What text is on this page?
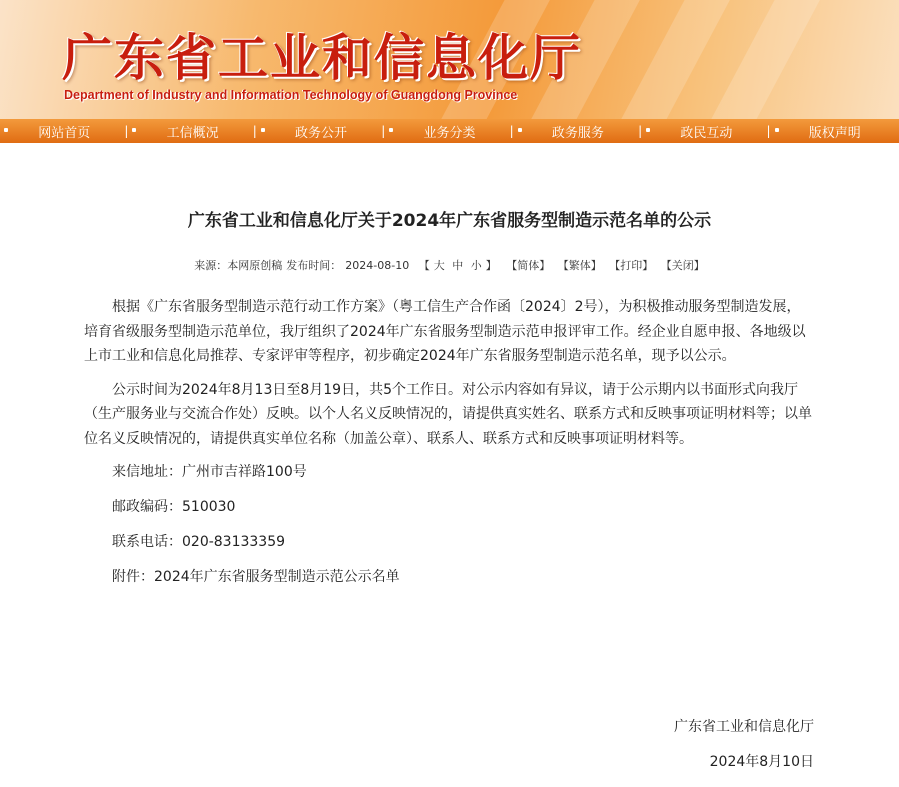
广东省工业和信息化厅
Department of Industry and Information Technology of Guangdong Province
网站首页	|	工信概况	|	政务公开	|	业务分类	|	政务服务	|	政民互动	|	版权声明
广东省工业和信息化厅关于2024年广东省服务型制造示范名单的公示
来源：本网原创稿 发布时间： 2024-08-10 【 大 中 小 】 【简体】 【繁体】 【打印】 【关闭】

根据《广东省服务型制造示范行动工作方案》（粤工信生产合作函〔2024〕2号），为积极推动服务型制造发展，培育省级服务型制造示范单位，我厅组织了2024年广东省服务型制造示范申报评审工作。经企业自愿申报、各地级以上市工业和信息化局推荐、专家评审等程序，初步确定2024年广东省服务型制造示范名单，现予以公示。

公示时间为2024年8月13日至8月19日，共5个工作日。对公示内容如有异议，请于公示期内以书面形式向我厅（生产服务业与交流合作处）反映。以个人名义反映情况的，请提供真实姓名、联系方式和反映事项证明材料等；以单位名义反映情况的，请提供真实单位名称（加盖公章）、联系人、联系方式和反映事项证明材料等。

来信地址：广州市吉祥路100号
邮政编码：510030
联系电话：020-83133359
附件：2024年广东省服务型制造示范公示名单
广东省工业和信息化厅
2024年8月10日
